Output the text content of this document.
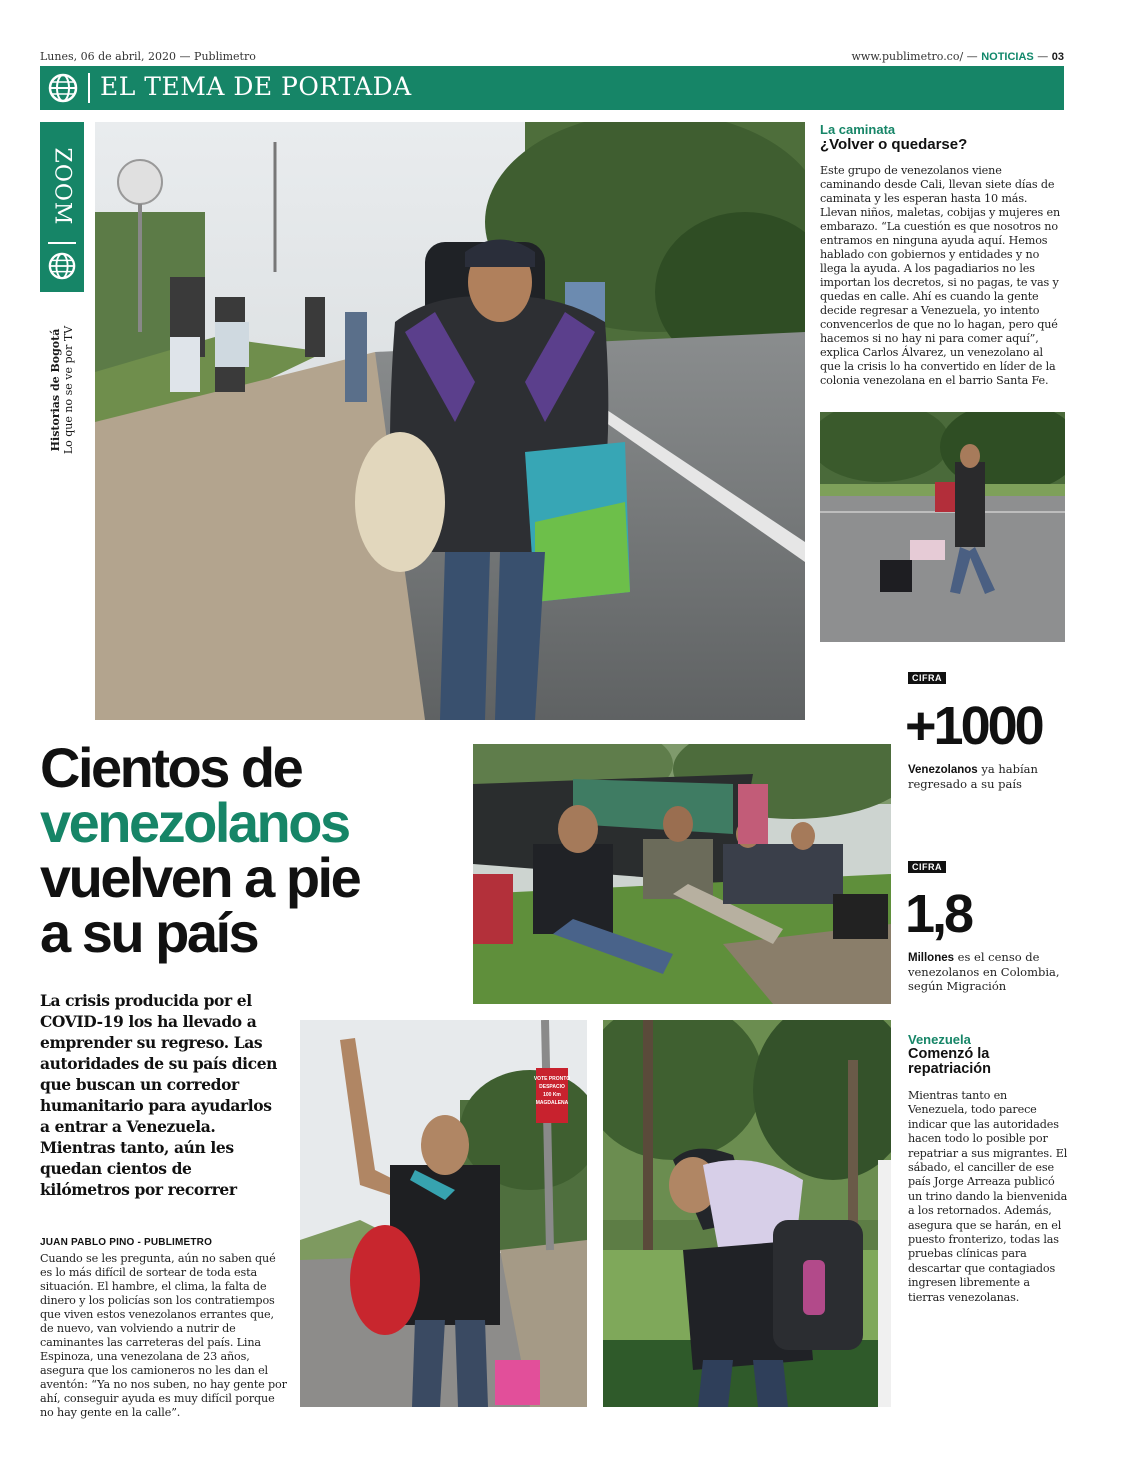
Lunes, 06 de abril, 2020 — Publimetro	www.publimetro.co/ — NOTICIAS — 03
EL TEMA DE PORTADA
ZOOM
Historias de Bogotá Lo que no se ve por TV
La caminata
¿Volver o quedarse?

Este grupo de venezolanos viene caminando desde Cali, llevan siete días de caminata y les esperan hasta 10 más. Llevan niños, maletas, cobijas y mujeres en embarazo. “La cuestión es que nosotros no entramos en ninguna ayuda aquí. Hemos hablado con gobiernos y entidades y no llega la ayuda. A los pagadiarios no les importan los decretos, si no pagas, te vas y quedas en calle. Ahí es cuando la gente decide regresar a Venezuela, yo intento convencerlos de que no lo hagan, pero qué hacemos si no hay ni para comer aquí”, explica Carlos Álvarez, un venezolano al que la crisis lo ha convertido en líder de la colonia venezolana en el barrio Santa Fe.

CIFRA
+1000
Venezolanos ya habían regresado a su país
Cientos de
venezolanos
vuelven a pie
a su país
CIFRA
1,8
Millones es el censo de venezolanos en Colombia, según Migración

La crisis producida por el COVID-19 los ha llevado a emprender su regreso. Las autoridades de su país dicen que buscan un corredor humanitario para ayudarlos a entrar a Venezuela. Mientras tanto, aún les quedan cientos de kilómetros por recorrer

JUAN PABLO PINO - PUBLIMETRO

Cuando se les pregunta, aún no saben qué es lo más difícil de sortear de toda esta situación. El hambre, el clima, la falta de dinero y los policías son los contratiempos que viven estos venezolanos errantes que, de nuevo, van volviendo a nutrir de caminantes las carreteras del país. Lina Espinoza, una venezolana de 23 años, asegura que los camioneros no les dan el aventón: “Ya no nos suben, no hay gente por ahí, conseguir ayuda es muy difícil porque no hay gente en la calle”.

VOTE PRONTO DESPACIO 100 Km MAGDALENA
Venezuela
Comenzó la repatriación

Mientras tanto en Venezuela, todo parece indicar que las autoridades hacen todo lo posible por repatriar a sus migrantes. El sábado, el canciller de ese país Jorge Arreaza publicó un trino dando la bienvenida a los retornados. Además, asegura que se harán, en el puesto fronterizo, todas las pruebas clínicas para descartar que contagiados ingresen libremente a tierras venezolanas.
